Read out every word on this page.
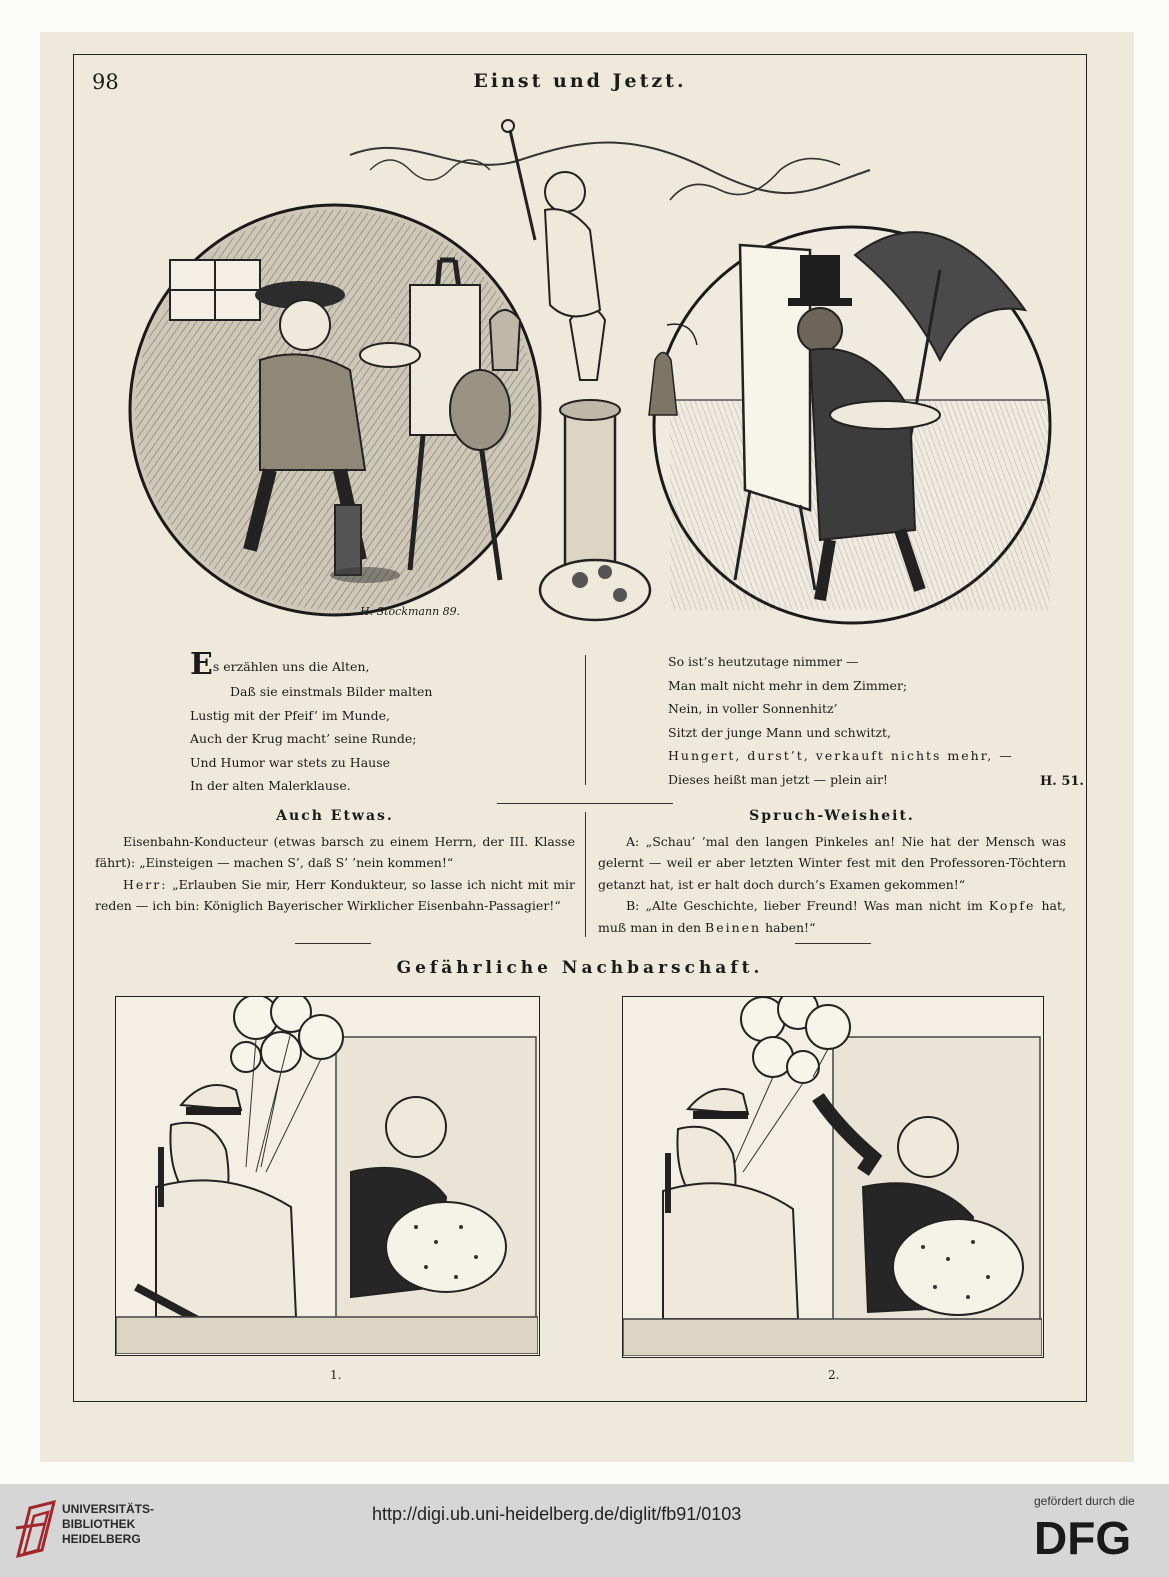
98	Einst und Jetzt.
H. Stockmann 89.
Es erzählen uns die Alten,
Daß sie einstmals Bilder malten
Lustig mit der Pfeif’ im Munde,
Auch der Krug macht’ seine Runde;
Und Humor war stets zu Hause
In der alten Malerklause.
So ist’s heutzutage nimmer —
Man malt nicht mehr in dem Zimmer;
Nein, in voller Sonnenhitz’
Sitzt der junge Mann und schwitzt,
Hungert, durst’t, verkauft nichts mehr, —
Dieses heißt man jetzt — plein air!	H. 51.
Auch Etwas.

Eisenbahn-Konducteur (etwas barsch zu einem Herrn, der III. Klasse fährt): „Einsteigen — machen S’, daß S’ ’nein kommen!“

Herr: „Erlauben Sie mir, Herr Kondukteur, so lasse ich nicht mit mir reden — ich bin: Königlich Bayerischer Wirklicher Eisenbahn-Passagier!“

Spruch-Weisheit.

A: „Schau’ ’mal den langen Pinkeles an! Nie hat der Mensch was gelernt — weil er aber letzten Winter fest mit den Professoren-Töchtern getanzt hat, ist er halt doch durch’s Examen gekommen!“

B: „Alte Geschichte, lieber Freund! Was man nicht im Kopfe hat, muß man in den Beinen haben!“

Gefährliche Nachbarschaft.
1.	2.
UNIVERSITÄTS-
BIBLIOTHEK
HEIDELBERG
http://digi.ub.uni-heidelberg.de/diglit/fb91/0103
gefördert durch die
DFG
